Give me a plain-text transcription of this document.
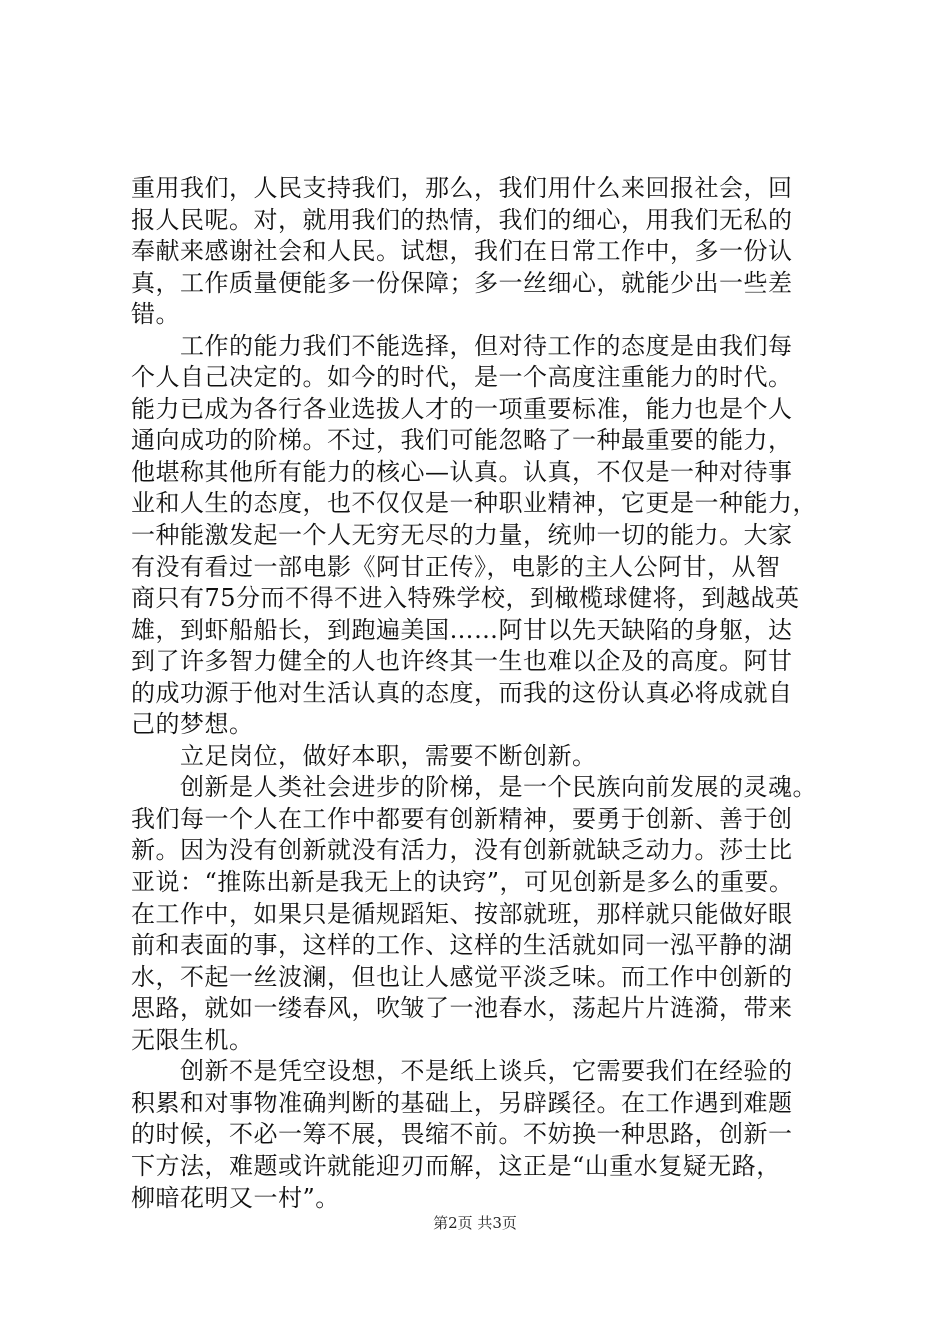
重用我们，人民支持我们，那么，我们用什么来回报社会，回
报人民呢。对，就用我们的热情，我们的细心，用我们无私的
奉献来感谢社会和人民。试想，我们在日常工作中，多一份认
真，工作质量便能多一份保障；多一丝细心，就能少出一些差
错。
　　工作的能力我们不能选择，但对待工作的态度是由我们每
个人自己决定的。如今的时代，是一个高度注重能力的时代。
能力已成为各行各业选拔人才的一项重要标准，能力也是个人
通向成功的阶梯。不过，我们可能忽略了一种最重要的能力，
他堪称其他所有能力的核心—认真。认真，不仅是一种对待事
业和人生的态度，也不仅仅是一种职业精神，它更是一种能力，
一种能激发起一个人无穷无尽的力量，统帅一切的能力。大家
有没有看过一部电影《阿甘正传》，电影的主人公阿甘，从智
商只有75分而不得不进入特殊学校，到橄榄球健将，到越战英
雄，到虾船船长，到跑遍美国……阿甘以先天缺陷的身躯，达
到了许多智力健全的人也许终其一生也难以企及的高度。阿甘
的成功源于他对生活认真的态度，而我的这份认真必将成就自
己的梦想。
　　立足岗位，做好本职，需要不断创新。
　　创新是人类社会进步的阶梯，是一个民族向前发展的灵魂。
我们每一个人在工作中都要有创新精神，要勇于创新、善于创
新。因为没有创新就没有活力，没有创新就缺乏动力。莎士比
亚说：“推陈出新是我无上的诀窍”，可见创新是多么的重要。
在工作中，如果只是循规蹈矩、按部就班，那样就只能做好眼
前和表面的事，这样的工作、这样的生活就如同一泓平静的湖
水，不起一丝波澜，但也让人感觉平淡乏味。而工作中创新的
思路，就如一缕春风，吹皱了一池春水，荡起片片涟漪，带来
无限生机。
　　创新不是凭空设想，不是纸上谈兵，它需要我们在经验的
积累和对事物准确判断的基础上，另辟蹊径。在工作遇到难题
的时候，不必一筹不展，畏缩不前。不妨换一种思路，创新一
下方法，难题或许就能迎刃而解，这正是“山重水复疑无路，
柳暗花明又一村”。
第2页 共3页
